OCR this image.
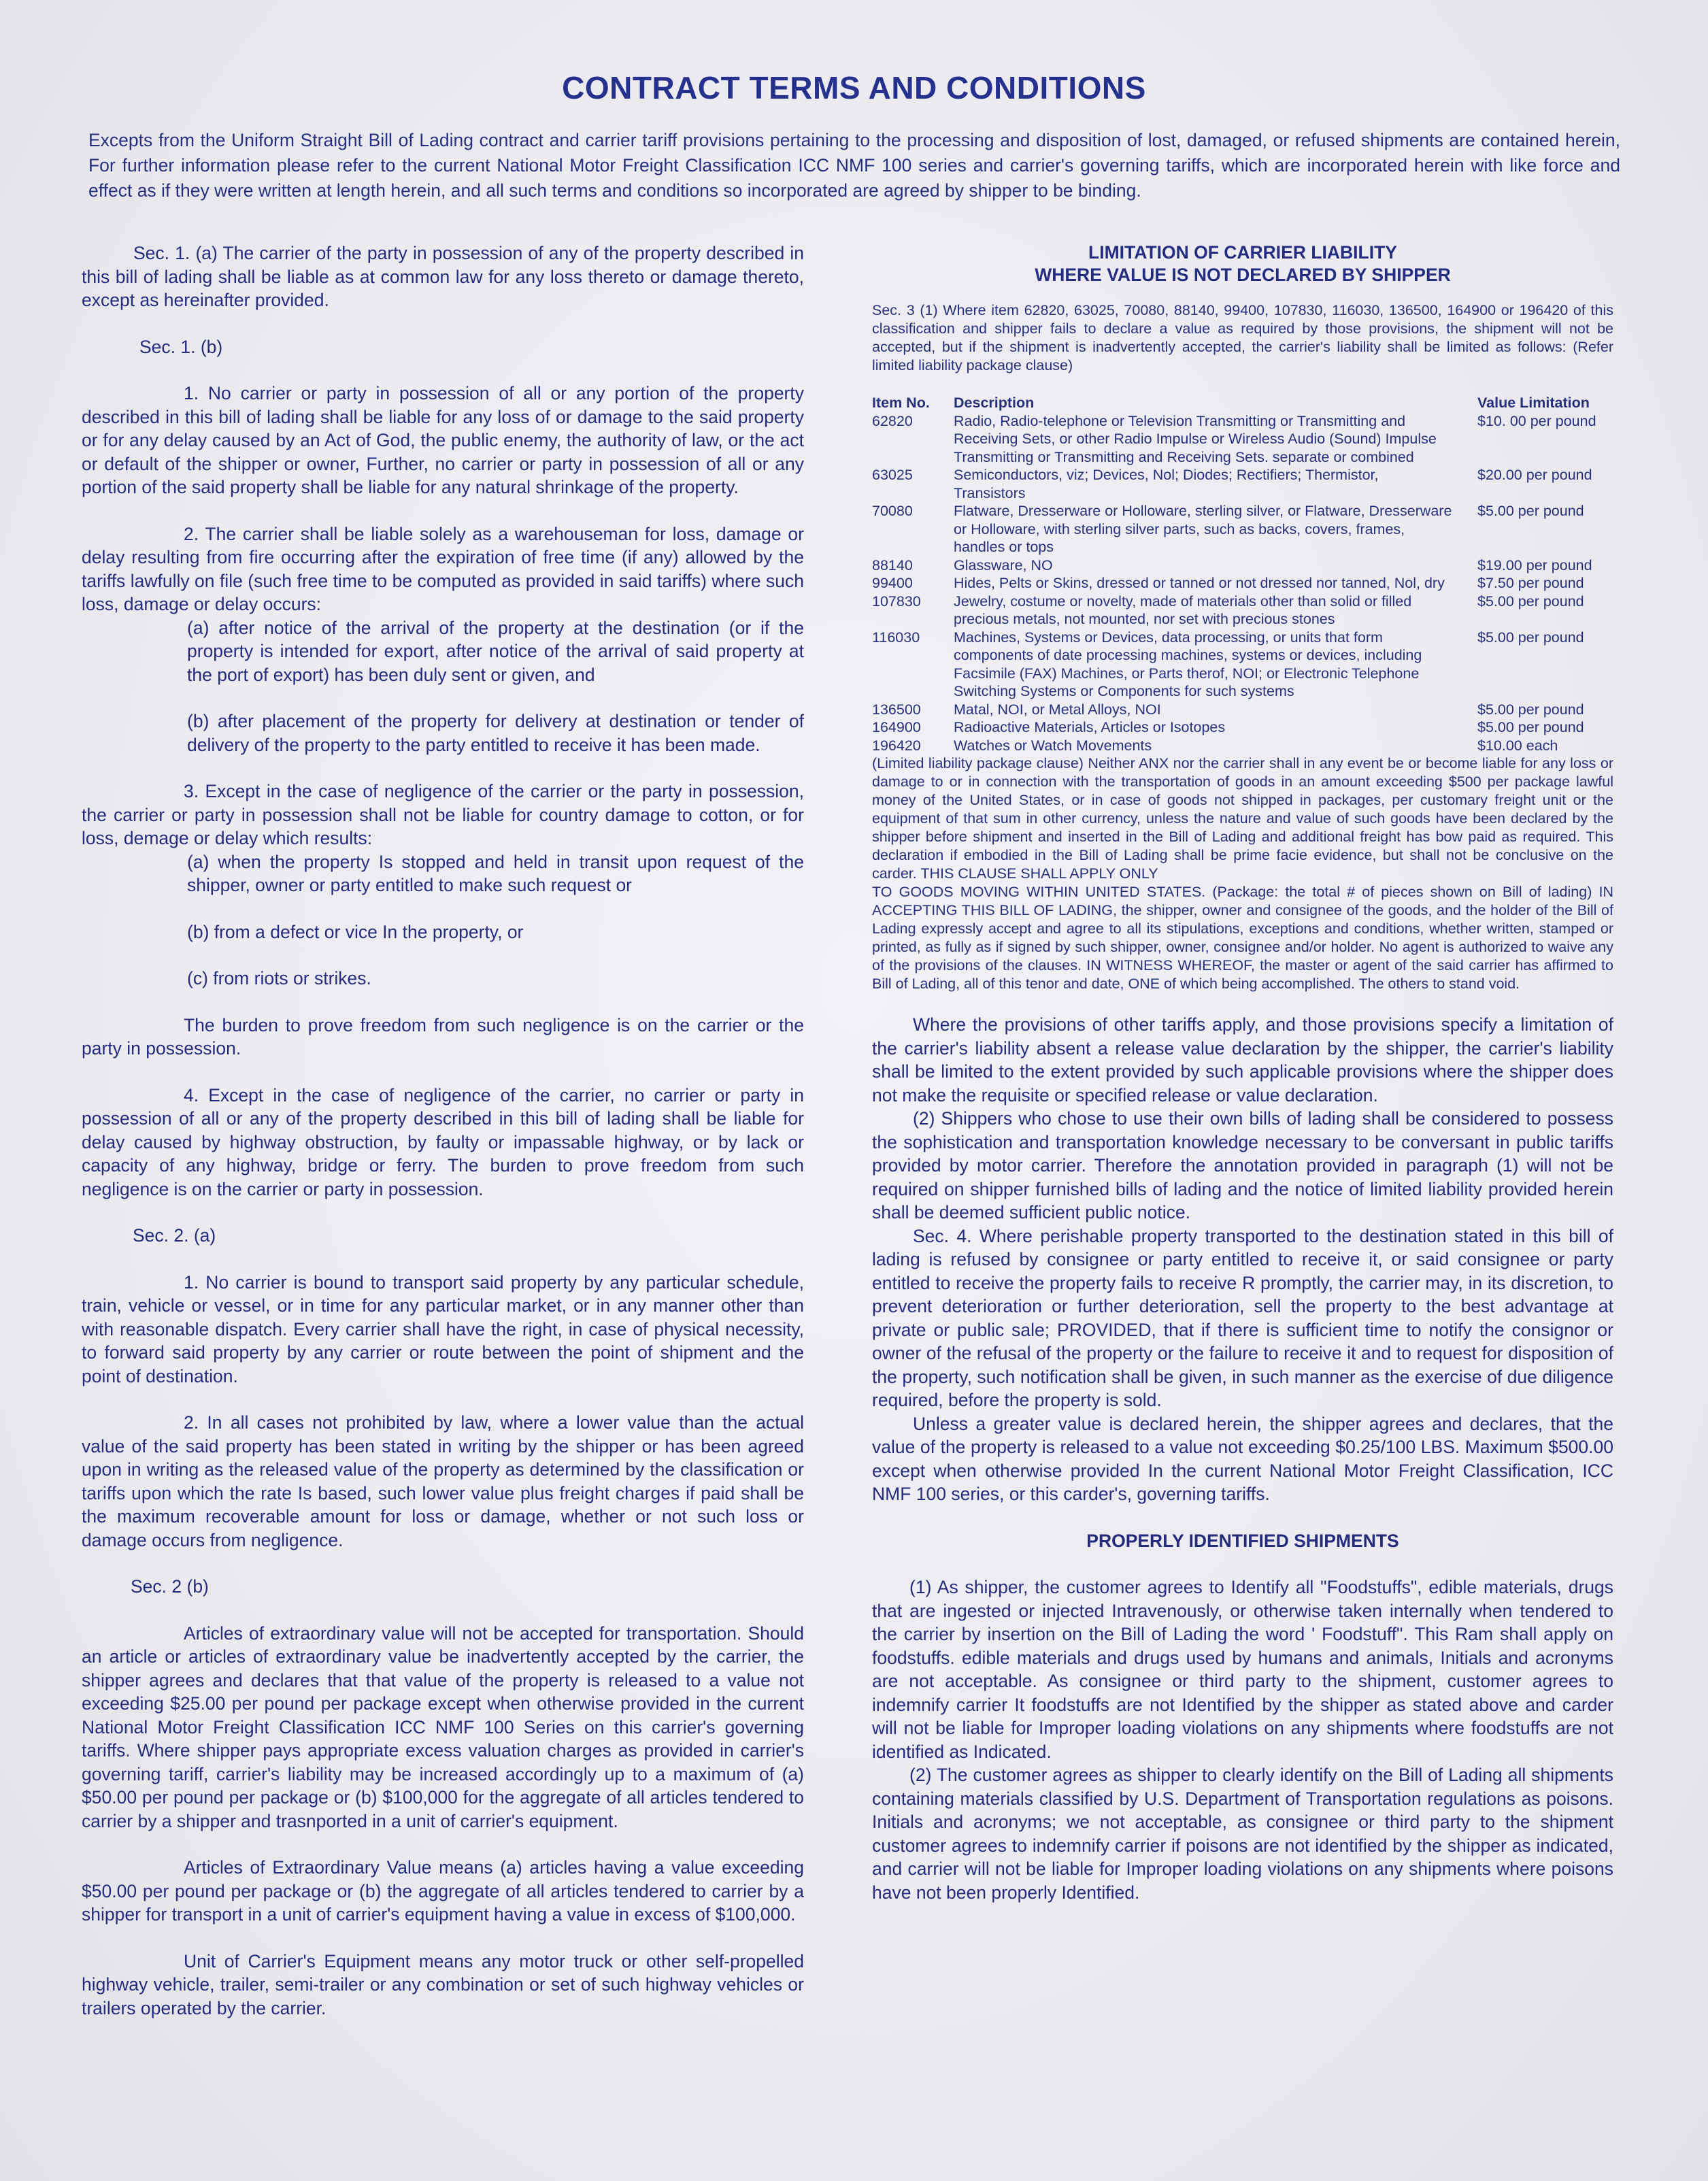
CONTRACT TERMS AND CONDITIONS

Excepts from the Uniform Straight Bill of Lading contract and carrier tariff provisions pertaining to the processing and disposition of lost, damaged, or refused shipments are contained herein, For further information please refer to the current National Motor Freight Classification ICC NMF 100 series and carrier's governing tariffs, which are incorporated herein with like force and effect as if they were written at length herein, and all such terms and conditions so incorporated are agreed by shipper to be binding.

Sec. 1. (a) The carrier of the party in possession of any of the property described in this bill of lading shall be liable as at common law for any loss thereto or damage thereto, except as hereinafter provided.

Sec. 1. (b)

1. No carrier or party in possession of all or any portion of the property described in this bill of lading shall be liable for any loss of or damage to the said property or for any delay caused by an Act of God, the public enemy, the authority of law, or the act or default of the shipper or owner, Further, no carrier or party in possession of all or any portion of the said property shall be liable for any natural shrinkage of the property.

2. The carrier shall be liable solely as a warehouseman for loss, damage or delay resulting from fire occurring after the expiration of free time (if any) allowed by the tariffs lawfully on file (such free time to be computed as provided in said tariffs) where such loss, damage or delay occurs:

(a) after notice of the arrival of the property at the destination (or if the property is intended for export, after notice of the arrival of said property at the port of export) has been duly sent or given, and

(b) after placement of the property for delivery at destination or tender of delivery of the property to the party entitled to receive it has been made.

3. Except in the case of negligence of the carrier or the party in possession, the carrier or party in possession shall not be liable for country damage to cotton, or for loss, demage or delay which results:

(a) when the property Is stopped and held in transit upon request of the shipper, owner or party entitled to make such request or

(b) from a defect or vice In the property, or

(c) from riots or strikes.

The burden to prove freedom from such negligence is on the carrier or the party in possession.

4. Except in the case of negligence of the carrier, no carrier or party in possession of all or any of the property described in this bill of lading shall be liable for delay caused by highway obstruction, by faulty or impassable highway, or by lack or capacity of any highway, bridge or ferry. The burden to prove freedom from such negligence is on the carrier or party in possession.

Sec. 2. (a)

1. No carrier is bound to transport said property by any particular schedule, train, vehicle or vessel, or in time for any particular market, or in any manner other than with reasonable dispatch. Every carrier shall have the right, in case of physical necessity, to forward said property by any carrier or route between the point of shipment and the point of destination.

2. In all cases not prohibited by law, where a lower value than the actual value of the said property has been stated in writing by the shipper or has been agreed upon in writing as the released value of the property as determined by the classification or tariffs upon which the rate Is based, such lower value plus freight charges if paid shall be the maximum recoverable amount for loss or damage, whether or not such loss or damage occurs from negligence.

Sec. 2 (b)

Articles of extraordinary value will not be accepted for transportation. Should an article or articles of extraordinary value be inadvertently accepted by the carrier, the shipper agrees and declares that that value of the property is released to a value not exceeding $25.00 per pound per package except when otherwise provided in the current National Motor Freight Classification ICC NMF 100 Series on this carrier's governing tariffs. Where shipper pays appropriate excess valuation charges as provided in carrier's governing tariff, carrier's liability may be increased accordingly up to a maximum of (a) $50.00 per pound per package or (b) $100,000 for the aggregate of all articles tendered to carrier by a shipper and trasnported in a unit of carrier's equipment.

Articles of Extraordinary Value means (a) articles having a value exceeding $50.00 per pound per package or (b) the aggregate of all articles tendered to carrier by a shipper for transport in a unit of carrier's equipment having a value in excess of $100,000.

Unit of Carrier's Equipment means any motor truck or other self-propelled highway vehicle, trailer, semi-trailer or any combination or set of such highway vehicles or trailers operated by the carrier.

LIMITATION OF CARRIER LIABILITY
WHERE VALUE IS NOT DECLARED BY SHIPPER

Sec. 3 (1) Where item 62820, 63025, 70080, 88140, 99400, 107830, 116030, 136500, 164900 or 196420 of this classification and shipper fails to declare a value as required by those provisions, the shipment will not be accepted, but if the shipment is inadvertently accepted, the carrier's liability shall be limited as follows: (Refer limited liability package clause)

Item No.	Description	Value Limitation
62820	Radio, Radio-telephone or Television Transmitting or Transmitting and Receiving Sets, or other Radio Impulse or Wireless Audio (Sound) Impulse Transmitting or Transmitting and Receiving Sets. separate or combined	$10. 00 per pound
63025	Semiconductors, viz; Devices, Nol; Diodes; Rectifiers; Thermistor, Transistors	$20.00 per pound
70080	Flatware, Dresserware or Holloware, sterling silver, or Flatware, Dresserware or Holloware, with sterling silver parts, such as backs, covers, frames, handles or tops	$5.00 per pound
88140	Glassware, NO	$19.00 per pound
99400	Hides, Pelts or Skins, dressed or tanned or not dressed nor tanned, Nol, dry	$7.50 per pound
107830	Jewelry, costume or novelty, made of materials other than solid or filled precious metals, not mounted, nor set with precious stones	$5.00 per pound
116030	Machines, Systems or Devices, data processing, or units that form components of date processing machines, systems or devices, including Facsimile (FAX) Machines, or Parts therof, NOI; or Electronic Telephone Switching Systems or Components for such systems	$5.00 per pound
136500	Matal, NOI, or Metal Alloys, NOI	$5.00 per pound
164900	Radioactive Materials, Articles or Isotopes	$5.00 per pound
196420	Watches or Watch Movements	$10.00 each

(Limited liability package clause) Neither ANX nor the carrier shall in any event be or become liable for any loss or damage to or in connection with the transportation of goods in an amount exceeding $500 per package lawful money of the United States, or in case of goods not shipped in packages, per customary freight unit or the equipment of that sum in other currency, unless the nature and value of such goods have been declared by the shipper before shipment and inserted in the Bill of Lading and additional freight has bow paid as required. This declaration if embodied in the Bill of Lading shall be prime facie evidence, but shall not be conclusive on the carder. THIS CLAUSE SHALL APPLY ONLY

TO GOODS MOVING WITHIN UNITED STATES. (Package: the total # of pieces shown on Bill of lading) IN ACCEPTING THIS BILL OF LADING, the shipper, owner and consignee of the goods, and the holder of the Bill of Lading expressly accept and agree to all its stipulations, exceptions and conditions, whether written, stamped or printed, as fully as if signed by such shipper, owner, consignee and/or holder. No agent is authorized to waive any of the provisions of the clauses. IN WITNESS WHEREOF, the master or agent of the said carrier has affirmed to Bill of Lading, all of this tenor and date, ONE of which being accomplished. The others to stand void.

Where the provisions of other tariffs apply, and those provisions specify a limitation of the carrier's liability absent a release value declaration by the shipper, the carrier's liability shall be limited to the extent provided by such applicable provisions where the shipper does not make the requisite or specified release or value declaration.

(2) Shippers who chose to use their own bills of lading shall be considered to possess the sophistication and transportation knowledge necessary to be conversant in public tariffs provided by motor carrier. Therefore the annotation provided in paragraph (1) will not be required on shipper furnished bills of lading and the notice of limited liability provided herein shall be deemed sufficient public notice.

Sec. 4. Where perishable property transported to the destination stated in this bill of lading is refused by consignee or party entitled to receive it, or said consignee or party entitled to receive the property fails to receive R promptly, the carrier may, in its discretion, to prevent deterioration or further deterioration, sell the property to the best advantage at private or public sale; PROVIDED, that if there is sufficient time to notify the consignor or owner of the refusal of the property or the failure to receive it and to request for disposition of the property, such notification shall be given, in such manner as the exercise of due diligence required, before the property is sold.

Unless a greater value is declared herein, the shipper agrees and declares, that the value of the property is released to a value not exceeding $0.25/100 LBS. Maximum $500.00 except when otherwise provided In the current National Motor Freight Classification, ICC NMF 100 series, or this carder's, governing tariffs.

PROPERLY IDENTIFIED SHIPMENTS

(1) As shipper, the customer agrees to Identify all "Foodstuffs", edible materials, drugs that are ingested or injected Intravenously, or otherwise taken internally when tendered to the carrier by insertion on the Bill of Lading the word ' Foodstuff". This Ram shall apply on foodstuffs. edible materials and drugs used by humans and animals, Initials and acronyms are not acceptable. As consignee or third party to the shipment, customer agrees to indemnify carrier It foodstuffs are not Identified by the shipper as stated above and carder will not be liable for Improper loading violations on any shipments where foodstuffs are not identified as Indicated.

(2) The customer agrees as shipper to clearly identify on the Bill of Lading all shipments containing materials classified by U.S. Department of Transportation regulations as poisons. Initials and acronyms; we not acceptable, as consignee or third party to the shipment customer agrees to indemnify carrier if poisons are not identified by the shipper as indicated, and carrier will not be liable for Improper loading violations on any shipments where poisons have not been properly Identified.
